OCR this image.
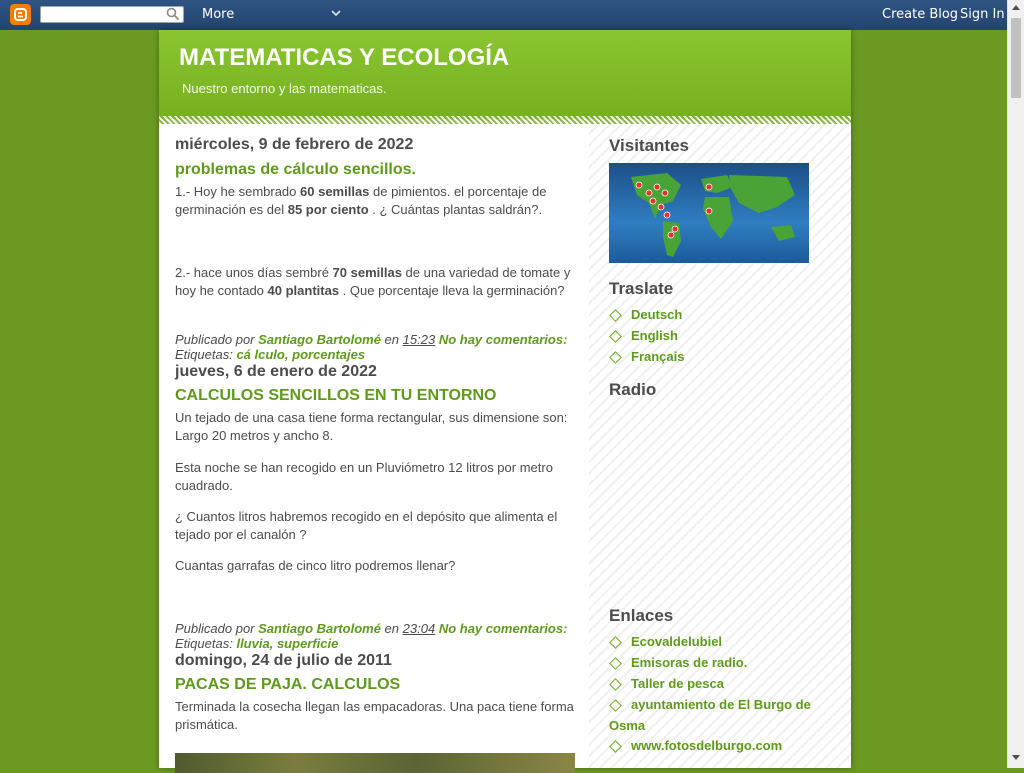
More	Create Blog Sign In
MATEMATICAS Y ECOLOGÍA
Nuestro entorno y las matematicas.
miércoles, 9 de febrero de 2022
problemas de cálculo sencillos.

1.- Hoy he sembrado 60 semillas de pimientos. el porcentaje de germinación es del 85 por ciento . ¿ Cuántas plantas saldrán?.

2.- hace unos días sembré 70 semillas de una variedad de tomate y hoy he contado 40 plantitas . Que porcentaje lleva la germinación?

Publicado por Santiago Bartolomé en 15:23 No hay comentarios:
Etiquetas: cá lculo, porcentajes
jueves, 6 de enero de 2022
CALCULOS SENCILLOS EN TU ENTORNO

Un tejado de una casa tiene forma rectangular, sus dimensione son: Largo 20 metros y ancho 8.

Esta noche se han recogido en un Pluviómetro 12 litros por metro cuadrado.

¿ Cuantos litros habremos recogido en el depósito que alimenta el tejado por el canalón ?

Cuantas garrafas de cinco litro podremos llenar?

Publicado por Santiago Bartolomé en 23:04 No hay comentarios:
Etiquetas: lluvia, superficie
domingo, 24 de julio de 2011
PACAS DE PAJA. CALCULOS

Terminada la cosecha llegan las empacadoras. Una paca tiene forma prismática.

Visitantes
Traslate
Deutsch
English
Français
Radio
Enlaces
Ecovaldelubiel
Emisoras de radio.
Taller de pesca
ayuntamiento de El Burgo de Osma
www.fotosdelburgo.com
